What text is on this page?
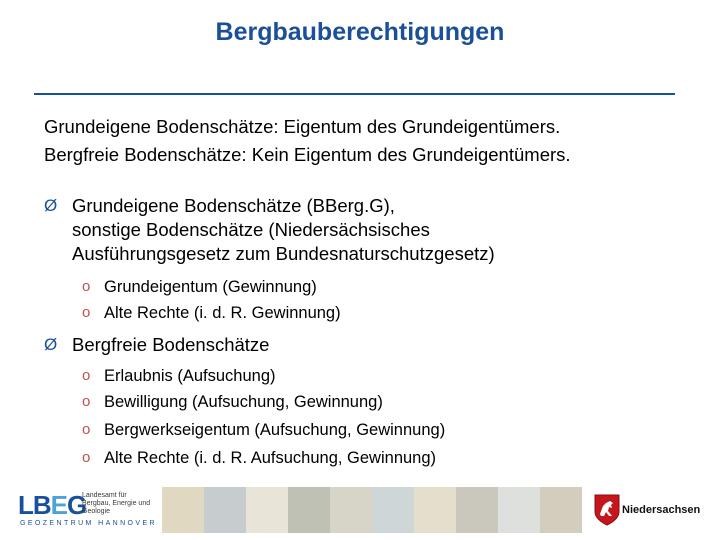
Bergbauberechtigungen
Grundeigene Bodenschätze: Eigentum des Grundeigentümers.
Bergfreie Bodenschätze: Kein Eigentum des Grundeigentümers.
Ø Grundeigene Bodenschätze (BBerg.G),
sonstige Bodenschätze (Niedersächsisches
Ausführungsgesetz zum Bundesnaturschutzgesetz)
o Grundeigentum (Gewinnung)
o Alte Rechte (i. d. R. Gewinnung)
Ø Bergfreie Bodenschätze
o Erlaubnis (Aufsuchung)
o Bewilligung (Aufsuchung, Gewinnung)
o Bergwerkseigentum (Aufsuchung, Gewinnung)
o Alte Rechte (i. d. R. Aufsuchung, Gewinnung)
LBEG
Landesamt für Bergbau, Energie und Geologie
GEOZENTRUM HANNOVER
Niedersachsen
